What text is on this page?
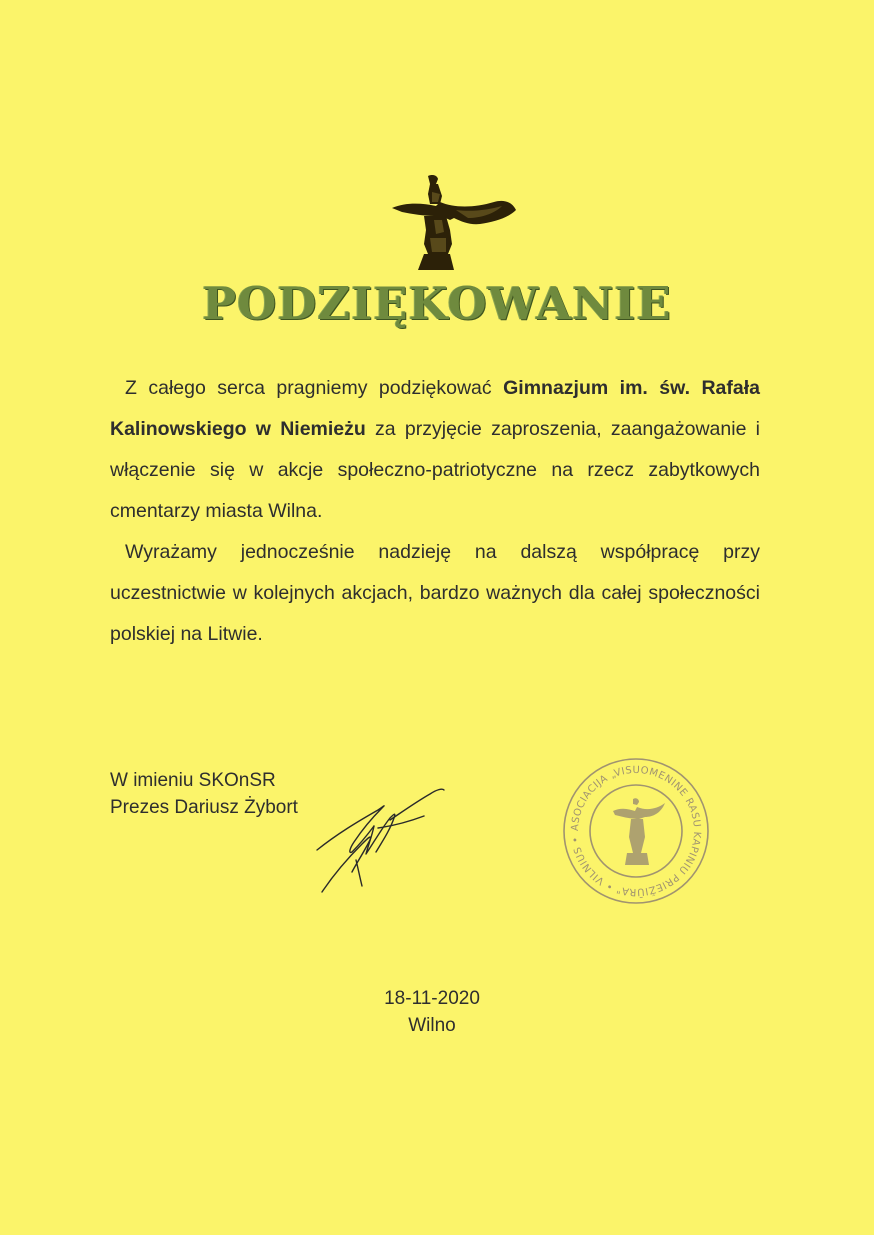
PODZIĘKOWANIE

Z całego serca pragniemy podziękować Gimnazjum im. św. Rafała Kalinowskiego w Niemieżu za przyjęcie zaproszenia, zaangażowanie i włączenie się w akcje społeczno-patriotyczne na rzecz zabytkowych cmentarzy miasta Wilna.

Wyrażamy jednocześnie nadzieję na dalszą współpracę przy uczestnictwie w kolejnych akcjach, bardzo ważnych dla całej społeczności polskiej na Litwie.

W imieniu SKOnSR
Prezes Dariusz Żybort
ASOCIACIJA „VISUOMENINE RASU KAPINIU PRIEŽIŪRA" • VILNIUS •
18-11-2020
Wilno
